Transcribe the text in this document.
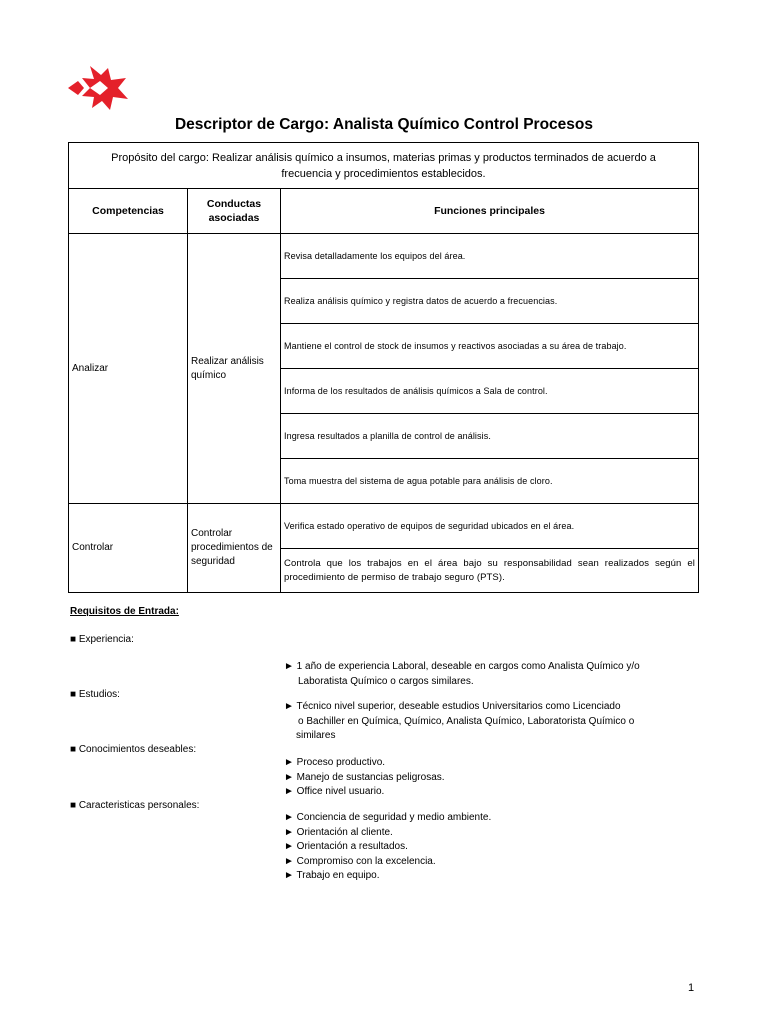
Descriptor de Cargo: Analista Químico Control Procesos
Propósito del cargo: Realizar análisis químico a insumos, materias primas y productos terminados de acuerdo a frecuencia y procedimientos establecidos.		
Competencias	Conductas asociadas	Funciones principales
Analizar	Realizar análisis químico	Revisa detalladamente los equipos del área.
		Realiza análisis químico y registra datos de acuerdo a frecuencias.
		Mantiene el control de stock de insumos y reactivos asociadas a su área de trabajo.
		Informa de los resultados de análisis químicos a Sala de control.
		Ingresa resultados a planilla de control de análisis.
		Toma muestra del sistema de agua potable para análisis de cloro.
Controlar	Controlar procedimientos de seguridad	Verifica estado operativo de equipos de seguridad ubicados en el área.
		Controla que los trabajos en el área bajo su responsabilidad sean realizados según el procedimiento de permiso de trabajo seguro (PTS).
Requisitos de Entrada:
■ Experiencia:
■ Estudios:
■ Conocimientos deseables:
■ Caracteristicas personales:
► 1 año de experiencia Laboral, deseable en cargos como Analista Químico y/o
Laboratista Químico o cargos similares.
► Técnico nivel superior, deseable estudios Universitarios como Licenciado
o Bachiller en Química, Químico, Analista Químico, Laboratorista Químico o
similares
► Proceso productivo.
► Manejo de sustancias peligrosas.
► Office nivel usuario.
► Conciencia de seguridad y medio ambiente.
► Orientación al cliente.
► Orientación a resultados.
► Compromiso con la excelencia.
► Trabajo en equipo.
1
